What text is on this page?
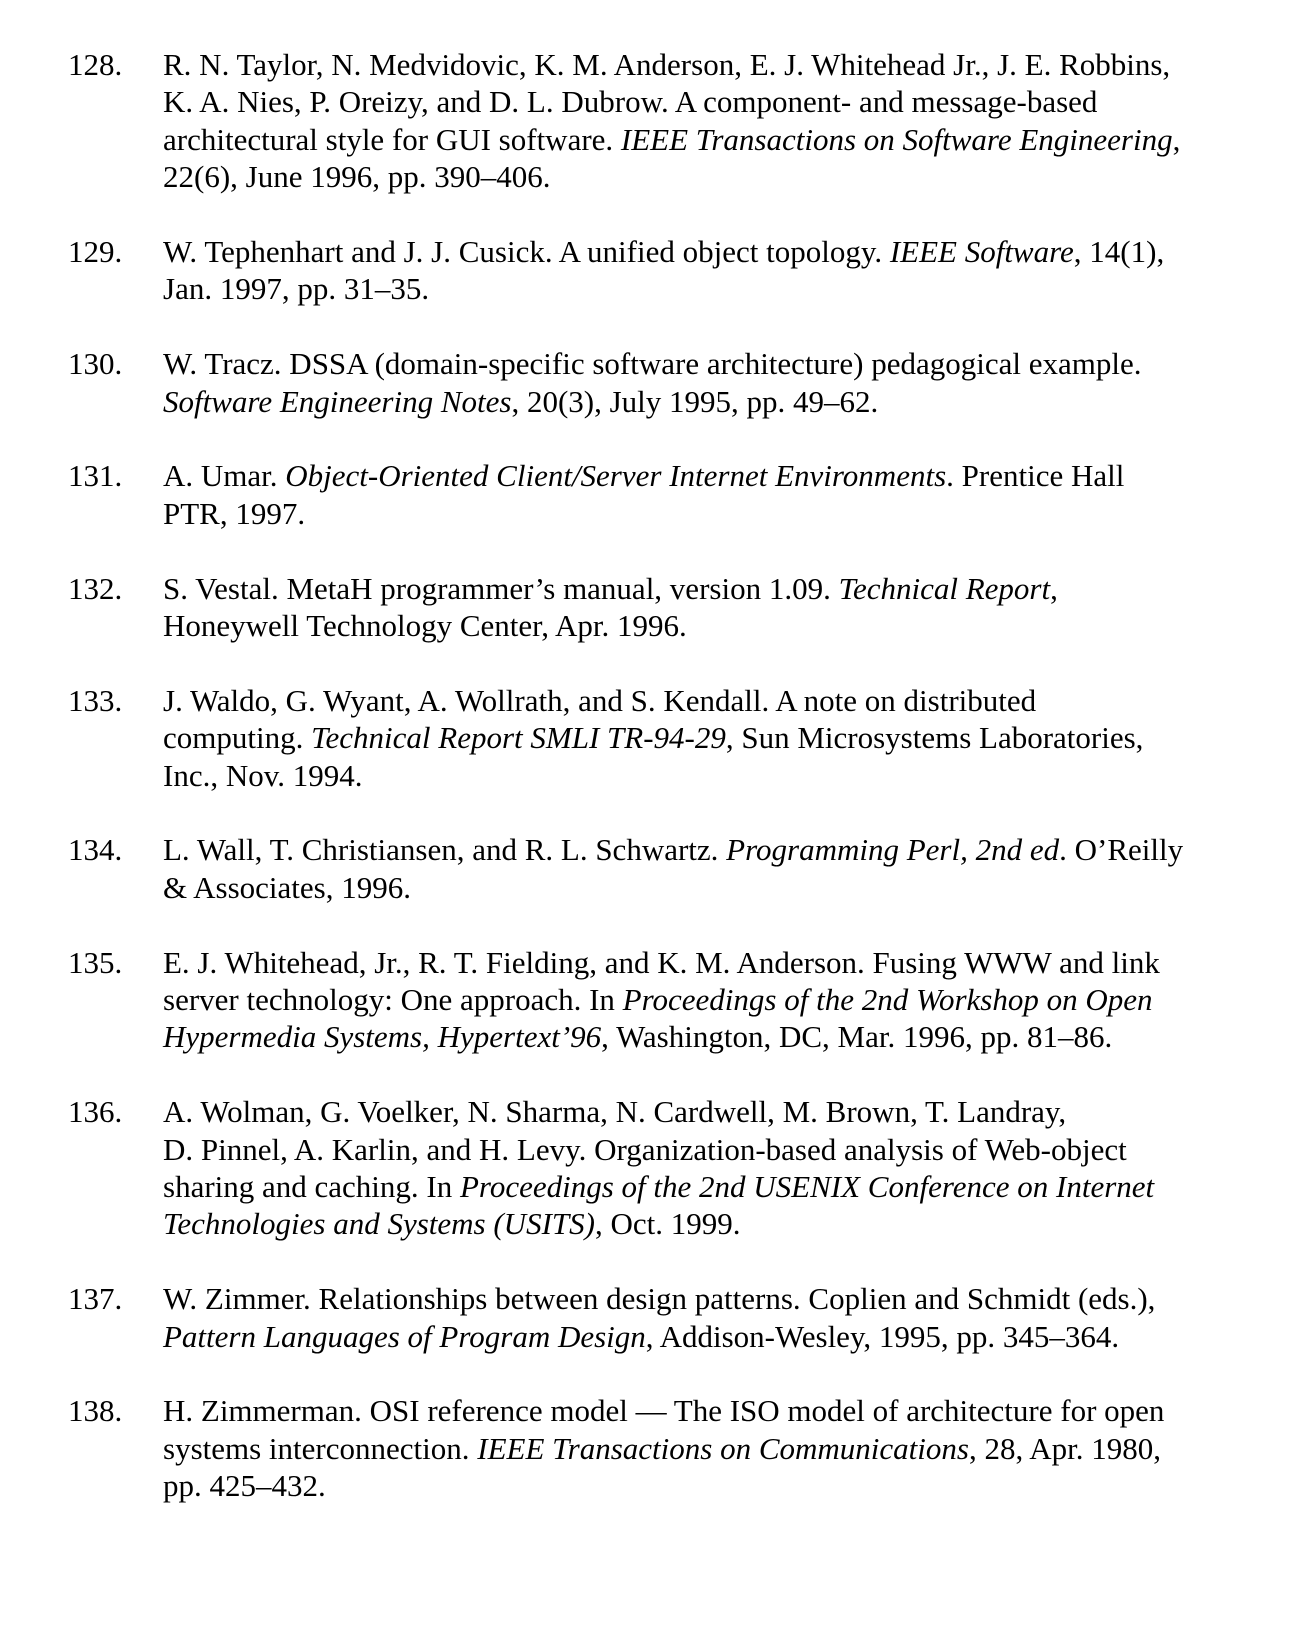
128. R. N. Taylor, N. Medvidovic, K. M. Anderson, E. J. Whitehead Jr., J. E. Robbins,
K. A. Nies, P. Oreizy, and D. L. Dubrow. A component- and message-based
architectural style for GUI software. IEEE Transactions on Software Engineering,
22(6), June 1996, pp. 390–406.
129. W. Tephenhart and J. J. Cusick. A unified object topology. IEEE Software, 14(1),
Jan. 1997, pp. 31–35.
130. W. Tracz. DSSA (domain-specific software architecture) pedagogical example.
Software Engineering Notes, 20(3), July 1995, pp. 49–62.
131. A. Umar. Object-Oriented Client/Server Internet Environments. Prentice Hall
PTR, 1997.
132. S. Vestal. MetaH programmer’s manual, version 1.09. Technical Report,
Honeywell Technology Center, Apr. 1996.
133. J. Waldo, G. Wyant, A. Wollrath, and S. Kendall. A note on distributed
computing. Technical Report SMLI TR-94-29, Sun Microsystems Laboratories,
Inc., Nov. 1994.
134. L. Wall, T. Christiansen, and R. L. Schwartz. Programming Perl, 2nd ed. O’Reilly
& Associates, 1996.
135. E. J. Whitehead, Jr., R. T. Fielding, and K. M. Anderson. Fusing WWW and link
server technology: One approach. In Proceedings of the 2nd Workshop on Open
Hypermedia Systems, Hypertext’96, Washington, DC, Mar. 1996, pp. 81–86.
136. A. Wolman, G. Voelker, N. Sharma, N. Cardwell, M. Brown, T. Landray,
D. Pinnel, A. Karlin, and H. Levy. Organization-based analysis of Web-object
sharing and caching. In Proceedings of the 2nd USENIX Conference on Internet
Technologies and Systems (USITS), Oct. 1999.
137. W. Zimmer. Relationships between design patterns. Coplien and Schmidt (eds.),
Pattern Languages of Program Design, Addison-Wesley, 1995, pp. 345–364.
138. H. Zimmerman. OSI reference model — The ISO model of architecture for open
systems interconnection. IEEE Transactions on Communications, 28, Apr. 1980,
pp. 425–432.
